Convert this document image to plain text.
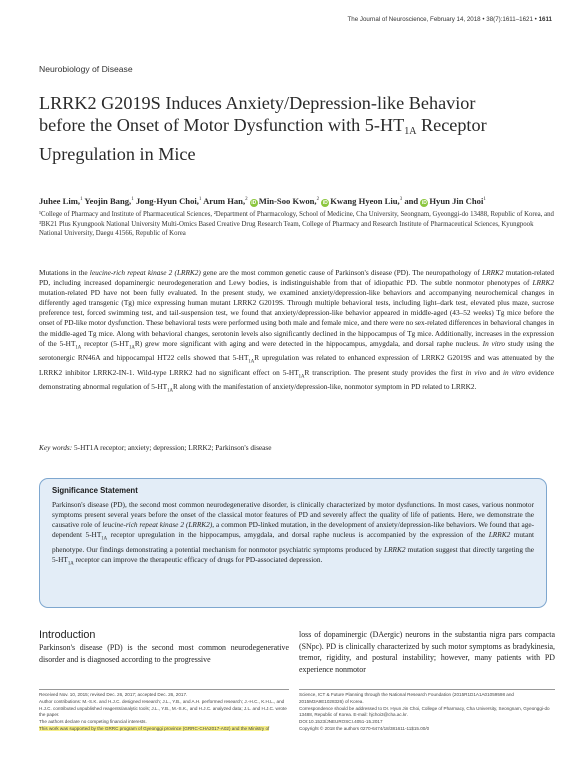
The Journal of Neuroscience, February 14, 2018 • 38(7):1611–1621 • 1611
Neurobiology of Disease
LRRK2 G2019S Induces Anxiety/Depression-like Behavior
before the Onset of Motor Dysfunction with $5-HT_{1A}$ Receptor
Upregulation in Mice
Juhee Lim,$^1$ Yeojin Bang,$^1$ Jong-Hyun Choi,$^1$ Arum Han,$^2$ iD Min-Soo Kwon,$^2$ iD Kwang Hyeon Liu,$^3$ and iD Hyun Jin Choi$^1$
¹College of Pharmacy and Institute of Pharmaceutical Sciences, ²Department of Pharmacology, School of Medicine, Cha University, Seongnam, Gyeonggi-do 13488, Republic of Korea, and ³BK21 Plus Kyungpook National University Multi-Omics Based Creative Drug Research Team, College of Pharmacy and Research Institute of Pharmaceutical Sciences, Kyungpook National University, Daegu 41566, Republic of Korea
Mutations in the leucine-rich repeat kinase 2 (LRRK2) gene are the most common genetic cause of Parkinson's disease (PD). The neuropathology of LRRK2 mutation-related PD, including increased dopaminergic neurodegeneration and Lewy bodies, is indistinguishable from that of idiopathic PD. The subtle nonmotor phenotypes of LRRK2 mutation-related PD have not been fully evaluated. In the present study, we examined anxiety/depression-like behaviors and accompanying neurochemical changes in differently aged transgenic (Tg) mice expressing human mutant LRRK2 G2019S. Through multiple behavioral tests, including light–dark test, elevated plus maze, sucrose preference test, forced swimming test, and tail-suspension test, we found that anxiety/depression-like behavior appeared in middle-aged (43–52 weeks) Tg mice before the onset of PD-like motor dysfunction. These behavioral tests were performed using both male and female mice, and there were no sex-related differences in behavioral changes in the middle-aged Tg mice. Along with behavioral changes, serotonin levels also significantly declined in the hippocampus of Tg mice. Additionally, increases in the expression of the $5-HT_{1A}$ receptor $(5-HT_{1A}R)$ grew more significant with aging and were detected in the hippocampus, amygdala, and dorsal raphe nucleus. In vitro study using the serotonergic RN46A and hippocampal HT22 cells showed that $5-HT_{1A}R$ upregulation was related to enhanced expression of LRRK2 G2019S and was attenuated by the LRRK2 inhibitor LRRK2-IN-1. Wild-type LRRK2 had no significant effect on $5-HT_{1A}R$ transcription. The present study provides the first in vivo and in vitro evidence demonstrating abnormal regulation of $5-HT_{1A}R$ along with the manifestation of anxiety/depression-like, nonmotor symptom in PD related to LRRK2.
Key words: 5-HT1A receptor; anxiety; depression; LRRK2; Parkinson's disease
Significance Statement
Parkinson's disease (PD), the second most common neurodegenerative disorder, is clinically characterized by motor dysfunctions. In most cases, various nonmotor symptoms present several years before the onset of the classical motor features of PD and severely affect the quality of life of patients. Here, we demonstrate the causative role of leucine-rich repeat kinase 2 (LRRK2), a common PD-linked mutation, in the development of anxiety/depression-like behaviors. We found that age-dependent $5-HT_{1A}$ receptor upregulation in the hippocampus, amygdala, and dorsal raphe nucleus is accompanied by the expression of the LRRK2 mutant phenotype. Our findings demonstrating a potential mechanism for nonmotor psychiatric symptoms produced by LRRK2 mutation suggest that directly targeting the $5-HT_{1A}$ receptor can improve the therapeutic efficacy of drugs for PD-associated depression.
Introduction
Parkinson's disease (PD) is the second most common neurodegenerative disorder and is diagnosed according to the progressive
loss of dopaminergic (DAergic) neurons in the substantia nigra pars compacta (SNpc). PD is clinically characterized by such motor symptoms as bradykinesia, tremor, rigidity, and postural instability; however, many patients with PD experience nonmotor
Received Nov. 10, 2015; revised Dec. 26, 2017; accepted Dec. 26, 2017.
Author contributions: M.-S.K. and H.J.C. designed research; J.L., Y.B., and A.H. performed research; J.-H.C., K.H.L., and H.J.C. contributed unpublished reagents/analytic tools; J.L., Y.B., M.-S.K., and H.J.C. analyzed data; J.L. and H.J.C. wrote the paper.
The authors declare no competing financial interests.
This work was supported by the GRRC program of Gyeonggi province (GRRC-CHA2017-A02) and the Ministry of
Science, ICT & Future Planning through the National Research Foundation (2015R1D1A1A01059598 and 2015M3A9E1028326) of Korea.
Correspondence should be addressed to Dr. Hyun Jin Choi, College of Pharmacy, Cha University, Seongnam, Gyeonggi-do 13488, Republic of Korea. E-mail: hjchoi3@cha.ac.kr.
DOI:10.1523/JNEUROSCI.4051-15.2017
Copyright © 2018 the authors 0270-6474/18/381611-11$15.00/0
